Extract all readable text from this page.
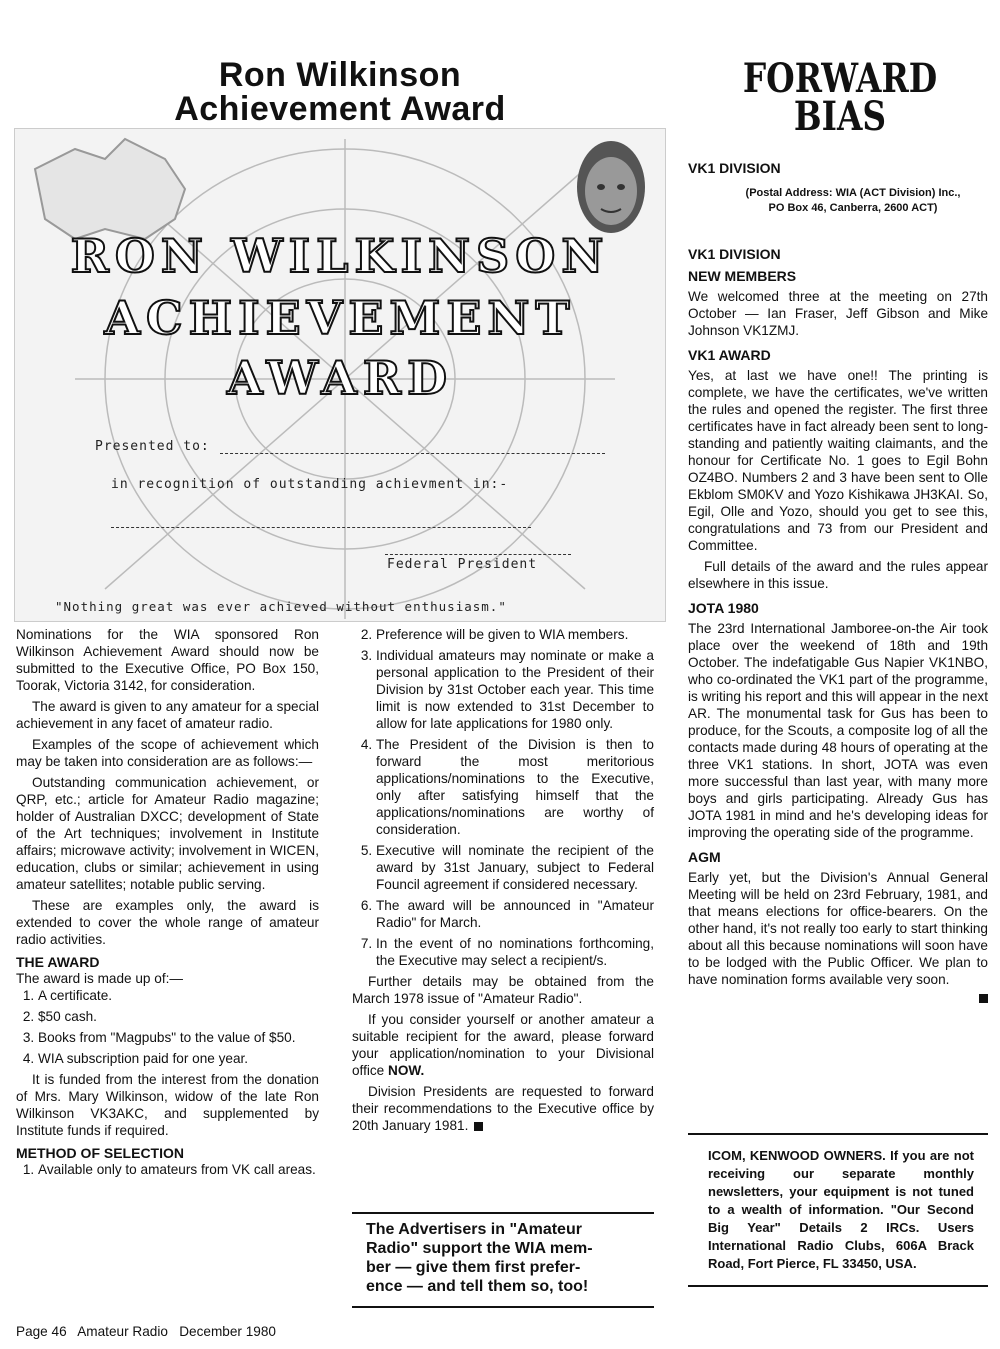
Ron Wilkinson
Achievement Award
RON WILKINSON
ACHIEVEMENT
AWARD
Presented to:
in recognition of outstanding achievment in:-
Federal President
"Nothing great was ever achieved without enthusiasm."
FORWARD
BIAS

VK1 DIVISION

(Postal Address: WIA (ACT Division) Inc.,
PO Box 46, Canberra, 2600 ACT)

VK1 DIVISION

NEW MEMBERS

We welcomed three at the meeting on 27th October — Ian Fraser, Jeff Gibson and Mike Johnson VK1ZMJ.

VK1 AWARD

Yes, at last we have one!! The printing is complete, we have the certificates, we've written the rules and opened the register. The first three certificates have in fact already been sent to long-standing and patiently waiting claimants, and the honour for Certificate No. 1 goes to Egil Bohn OZ4BO. Numbers 2 and 3 have been sent to Olle Ekblom SM0KV and Yozo Kishikawa JH3KAI. So, Egil, Olle and Yozo, should you get to see this, congratulations and 73 from our President and Committee.

Full details of the award and the rules appear elsewhere in this issue.

JOTA 1980

The 23rd International Jamboree-on-the Air took place over the weekend of 18th and 19th October. The indefatigable Gus Napier VK1NBO, who co-ordinated the VK1 part of the programme, is writing his report and this will appear in the next AR. The monumental task for Gus has been to produce, for the Scouts, a composite log of all the contacts made during 48 hours of operating at the three VK1 stations. In short, JOTA was even more successful than last year, with many more boys and girls participating. Already Gus has JOTA 1981 in mind and he's developing ideas for improving the operating side of the programme.

AGM

Early yet, but the Division's Annual General Meeting will be held on 23rd February, 1981, and that means elections for office-bearers. On the other hand, it's not really too early to start thinking about all this because nominations will soon have to be lodged with the Public Officer. We plan to have nomination forms available very soon.

ICOM, KENWOOD OWNERS. If you are not receiving our separate monthly newsletters, your equipment is not tuned to a wealth of information. "Our Second Big Year" Details 2 IRCs. Users International Radio Clubs, 606A Brack Road, Fort Pierce, FL 33450, USA.

Nominations for the WIA sponsored Ron Wilkinson Achievement Award should now be submitted to the Executive Office, PO Box 150, Toorak, Victoria 3142, for consideration.

The award is given to any amateur for a special achievement in any facet of amateur radio.

Examples of the scope of achievement which may be taken into consideration are as follows:—

Outstanding communication achievement, or QRP, etc.; article for Amateur Radio magazine; holder of Australian DXCC; development of State of the Art techniques; involvement in Institute affairs; microwave activity; involvement in WICEN, education, clubs or similar; achievement in using amateur satellites; notable public serving.

These are examples only, the award is extended to cover the whole range of amateur radio activities.

THE AWARD

The award is made up of:—

1. A certificate.
2. $50 cash.
3. Books from "Magpubs" to the value of $50.
4. WIA subscription paid for one year.

It is funded from the interest from the donation of Mrs. Mary Wilkinson, widow of the late Ron Wilkinson VK3AKC, and supplemented by Institute funds if required.

METHOD OF SELECTION

1. Available only to amateurs from VK call areas.
2. Preference will be given to WIA members.
3. Individual amateurs may nominate or make a personal application to the President of their Division by 31st October each year. This time limit is now extended to 31st December to allow for late applications for 1980 only.
4. The President of the Division is then to forward the most meritorious applications/nominations to the Executive, only after satisfying himself that the applications/nominations are worthy of consideration.
5. Executive will nominate the recipient of the award by 31st January, subject to Federal Founcil agreement if considered necessary.
6. The award will be announced in "Amateur Radio" for March.
7. In the event of no nominations forthcoming, the Executive may select a recipient/s.

Further details may be obtained from the March 1978 issue of "Amateur Radio".

If you consider yourself or another amateur a suitable recipient for the award, please forward your application/nomination to your Divisional office NOW.

Division Presidents are requested to forward their recommendations to the Executive office by 20th January 1981.

The Advertisers in "Amateur
Radio" support the WIA mem-
ber — give them first prefer-
ence — and tell them so, too!
Page 46   Amateur Radio   December 1980
